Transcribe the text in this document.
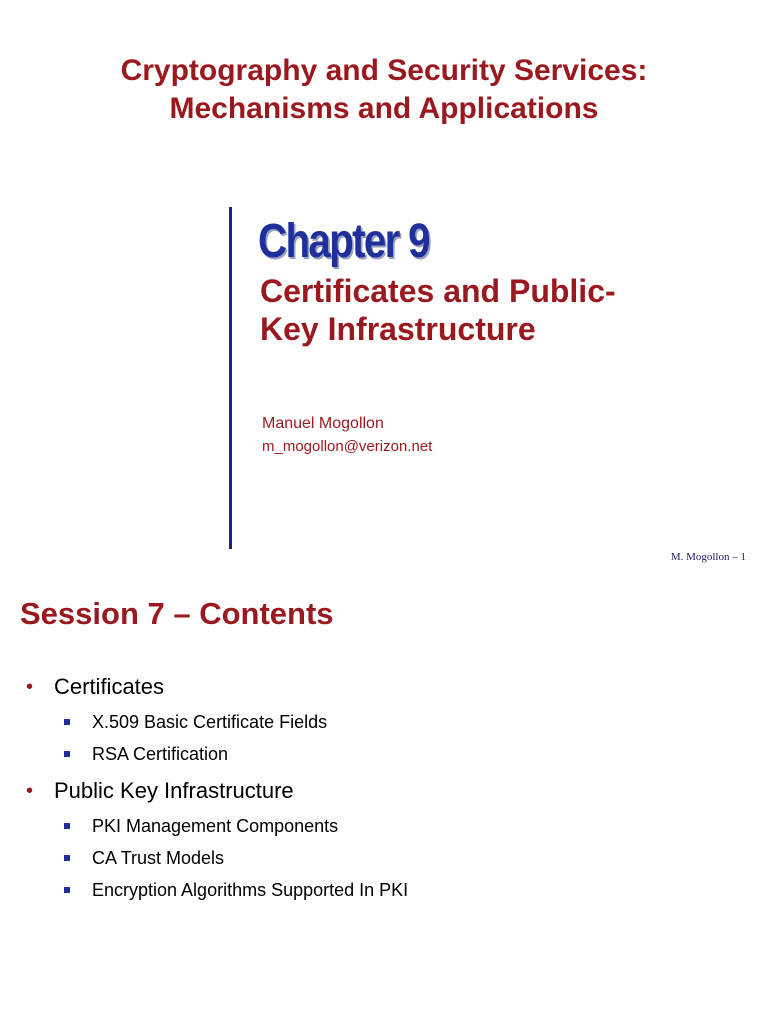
Cryptography and Security Services:
Mechanisms and Applications
Chapter 9
Certificates and Public-
Key Infrastructure
Manuel Mogollon
m_mogollon@verizon.net
M. Mogollon – 1
Session 7 – Contents
• Certificates
X.509 Basic Certificate Fields
RSA Certification
• Public Key Infrastructure
PKI Management Components
CA Trust Models
Encryption Algorithms Supported In PKI
